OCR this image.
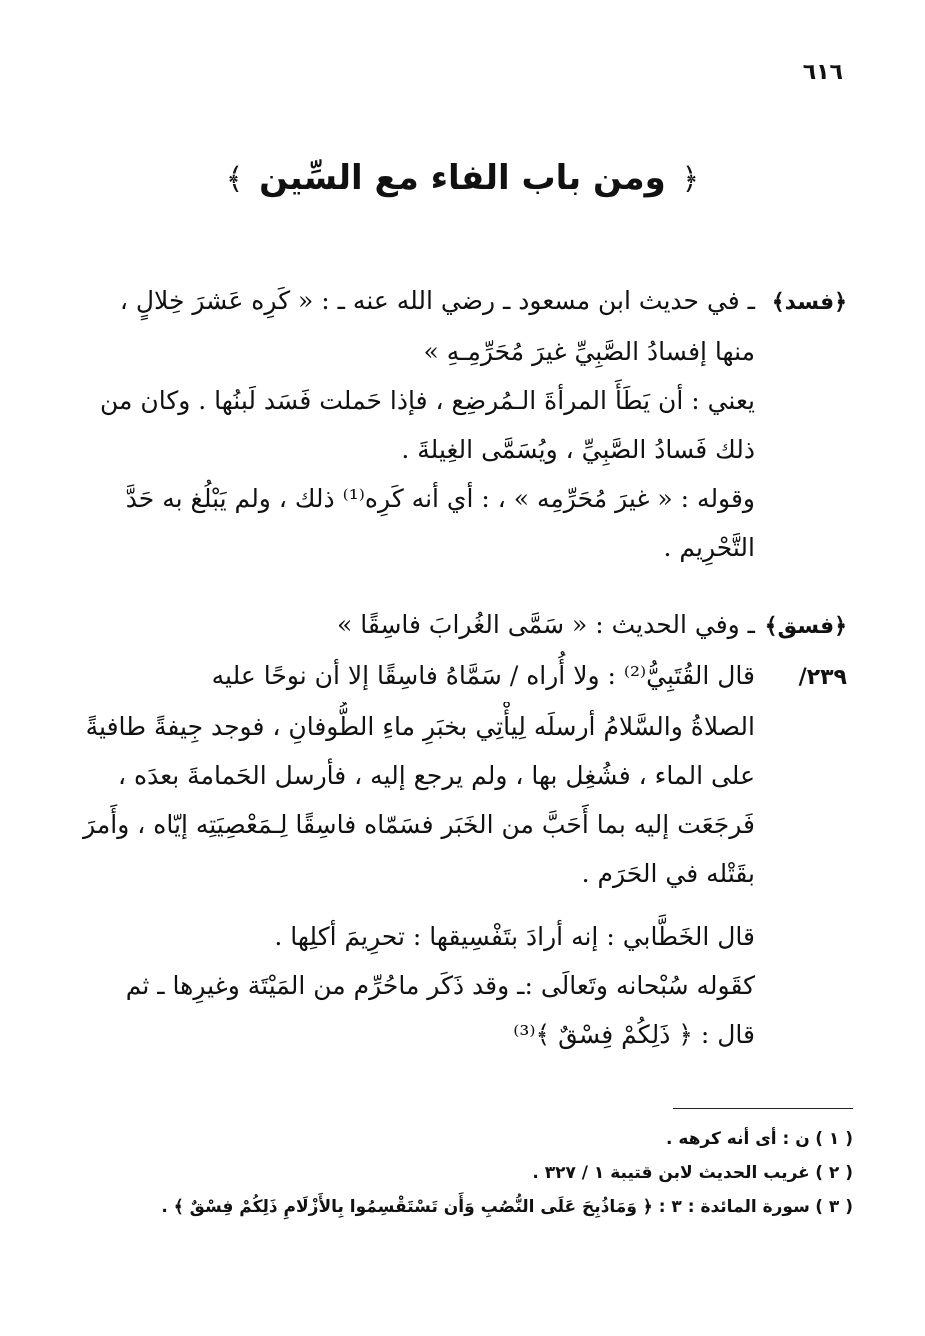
٦١٦
﴿ ومن باب الفاء مع السِّين ﴾
﴿فسد﴾ـ في حديث ابن مسعود ـ رضي الله عنه ـ : « كَرِه عَشرَ خِلالٍ ،
منها إفسادُ الصَّبِيِّ غيرَ مُحَرِّمِـهِ »
يعني : أن يَطَأَ المرأةَ الـمُرضِع ، فإذا حَملت فَسَد لَبنُها . وكان من
ذلك فَسادُ الصَّبِيِّ ، ويُسَمَّى الغِيلةَ .
وقوله : « غيرَ مُحَرِّمِه » ، : أي أنه كَرِه⁽¹⁾ ذلك ، ولم يَبْلُغ به حَدَّ
التَّحْرِيم .
﴿فسق﴾ـ وفي الحديث : « سَمَّى الغُرابَ فاسِقًا »
٢٣٩/قال القُتَبِيُّ⁽²⁾ : ولا أُراه / سَمَّاهُ فاسِقًا إلا أن نوحًا عليه
الصلاةُ والسَّلامُ أرسلَه لِيأْتِي بخبَرِ ماءِ الطُّوفانِ ، فوجد جِيفةً طافيةً
على الماء ، فشُغِل بها ، ولم يرجع إليه ، فأرسل الحَمامةَ بعدَه ،
فَرجَعَت إليه بما أَحَبَّ من الخَبَر فسَمّاه فاسِقًا لِـمَعْصِيَتِه إيّاه ، وأَمرَ
بقَتْله في الحَرَم .
قال الخَطَّابي : إنه أرادَ بتَفْسِيقها : تحرِيمَ أكلِها .
كقَوله سُبْحانه وتَعالَى :ـ وقد ذَكَر ماحُرِّم من المَيْتَة وغيرِها ـ ثم
قال : ﴿ ذَلِكُمْ فِسْقٌ ﴾⁽³⁾
( ١ ) ن : أى أنه كرهه .
( ٢ ) غريب الحديث لابن قتيبة ١ / ٣٢٧ .
( ٣ ) سورة المائدة : ٣ : ﴿ وَمَاذُبِحَ عَلَى النُّصُبِ وَأَن تَسْتَقْسِمُوا بِالأَزْلَامِ ذَلِكُمْ فِسْقٌ ﴾ .
